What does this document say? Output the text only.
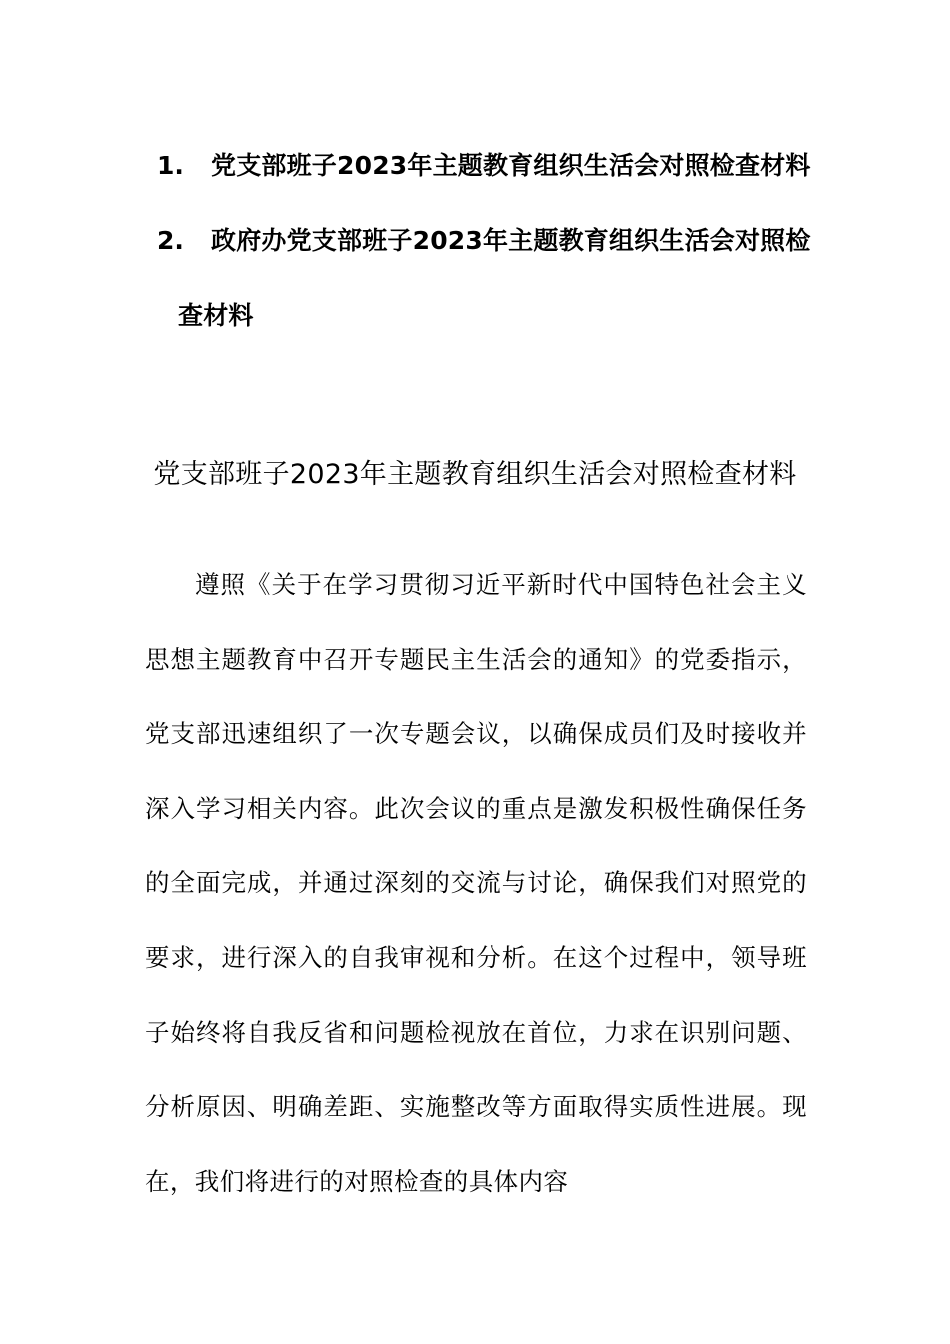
1.	党支部班子2023年主题教育组织生活会对照检查材料
2.	政府办党支部班子2023年主题教育组织生活会对照检查材料
党支部班子2023年主题教育组织生活会对照检查材料
遵照《关于在学习贯彻习近平新时代中国特色社会主义思想主题教育中召开专题民主生活会的通知》的党委指示，党支部迅速组织了一次专题会议，以确保成员们及时接收并深入学习相关内容。此次会议的重点是激发积极性确保任务的全面完成，并通过深刻的交流与讨论，确保我们对照党的要求，进行深入的自我审视和分析。在这个过程中，领导班子始终将自我反省和问题检视放在首位，力求在识别问题、分析原因、明确差距、实施整改等方面取得实质性进展。现在，我们将进行的对照检查的具体内容
